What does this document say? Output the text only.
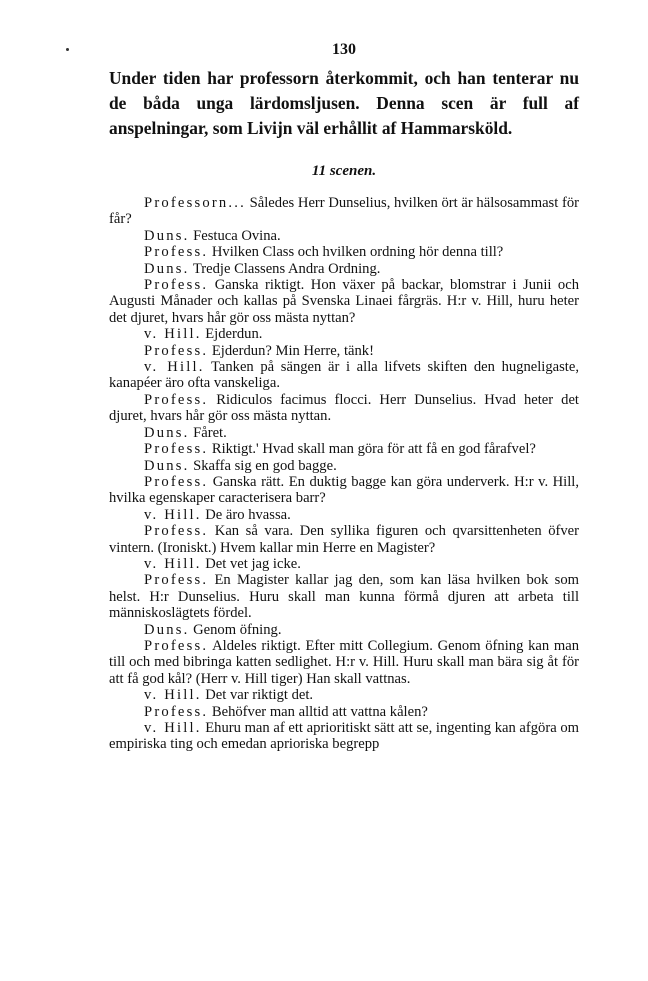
130

Under tiden har professorn återkommit, och han tenterar nu de båda unga lärdomsljusen. Denna scen är full af anspelningar, som Livijn väl erhållit af Hammarsköld.

11 scenen.

Professorn... Således Herr Dunselius, hvilken ört är hälsosammast för får?

Duns. Festuca Ovina.

Profess. Hvilken Class och hvilken ordning hör denna till?

Duns. Tredje Classens Andra Ordning.

Profess. Ganska riktigt. Hon växer på backar, blomstrar i Junii och Augusti Månader och kallas på Svenska Linaei fårgräs. H:r v. Hill, huru heter det djuret, hvars hår gör oss mästa nyttan?

v. Hill. Ejderdun.

Profess. Ejderdun? Min Herre, tänk!

v. Hill. Tanken på sängen är i alla lifvets skiften den hugneligaste, kanapéer äro ofta vanskeliga.

Profess. Ridiculos facimus flocci. Herr Dunselius. Hvad heter det djuret, hvars hår gör oss mästa nyttan.

Duns. Fåret.

Profess. Riktigt.' Hvad skall man göra för att få en god fårafvel?

Duns. Skaffa sig en god bagge.

Profess. Ganska rätt. En duktig bagge kan göra underverk. H:r v. Hill, hvilka egenskaper caracterisera barr?

v. Hill. De äro hvassa.

Profess. Kan så vara. Den syllika figuren och qvarsittenheten öfver vintern. (Ironiskt.) Hvem kallar min Herre en Magister?

v. Hill. Det vet jag icke.

Profess. En Magister kallar jag den, som kan läsa hvilken bok som helst. H:r Dunselius. Huru skall man kunna förmå djuren att arbeta till människoslägtets fördel.

Duns. Genom öfning.

Profess. Aldeles riktigt. Efter mitt Collegium. Genom öfning kan man till och med bibringa katten sedlighet. H:r v. Hill. Huru skall man bära sig åt för att få god kål? (Herr v. Hill tiger) Han skall vattnas.

v. Hill. Det var riktigt det.

Profess. Behöfver man alltid att vattna kålen?

v. Hill. Ehuru man af ett aprioritiskt sätt att se, ingenting kan afgöra om empiriska ting och emedan aprioriska begrepp
